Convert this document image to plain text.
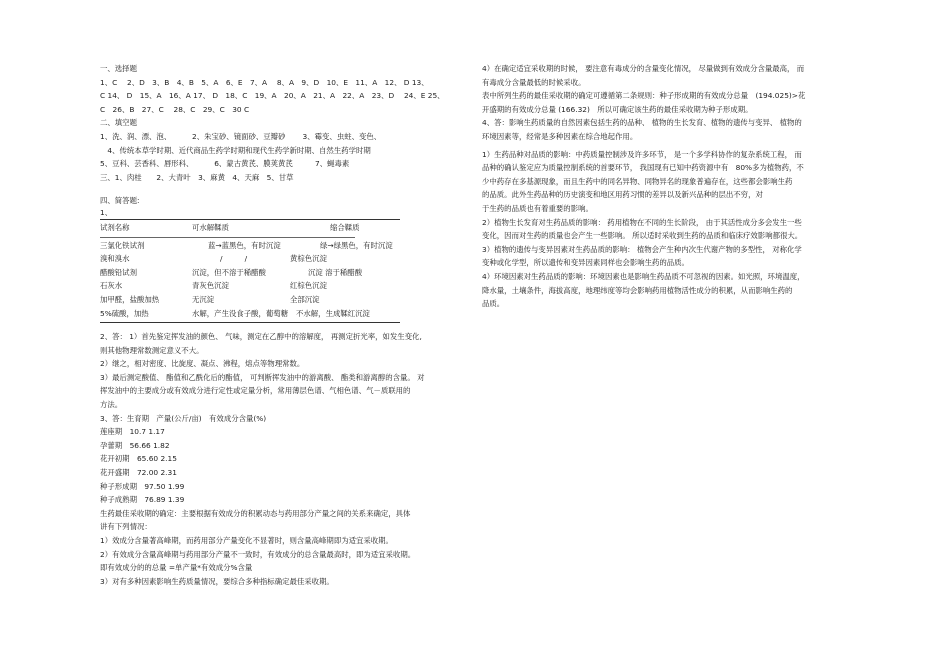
一、选择题
1、C　 2、D　3、B　4、B　5、A　6、E　7、A　 8、A　9、D　10、E　11、A　12、 D 13、
C 14、 D　15、A　16、A 17、 D　18、C　19、A　20、A　21、A　22、A　23、D　 24、E 25、
C　26、B　27、C　 28、C　29、C　30 C
二、填空题
1、洗、润、漂、泡、　　　 2、朱宝砂、镜面砂、豆瓣砂　　 3、霉变、虫蛀、变色、
　4、传统本草学时期、近代商品生药学时期和现代生药学新时期、自然生药学时期
5、豆科、芸香科、唇形科、　　　 6、蒙古黄芪、膜荚黄芪　　　7、蝇毒素
三、1、肉桂　　2、大青叶　3、麻黄　4、天麻　5、甘草
四、简答题:
1、
试剂名称	可水解鞣质	缩合鞣质
三氯化铁试剂	蓝→蓝黑色，有时沉淀	绿→绿黑色，有时沉淀
溴和溴水	/　　　/	黄棕色沉淀
醋酸铅试剂	沉淀，但不溶于稀醋酸	沉淀 溶于稀醋酸
石灰水	青灰色沉淀	红棕色沉淀
加甲醛，盐酸加热	无沉淀	全部沉淀
5%硫酸，加热	水解，产生没食子酸，葡萄糖	不水解，生成鞣红沉淀
2、答： 1）首先鉴定挥发油的颜色、 气味，测定在乙醇中的溶解度， 再测定折光率，如发生变化,
则其他物理常数测定意义不大。
2）继之，相对密度、比旋度、凝点、沸程，熔点等物理常数。
3）最后测定酸值、 酯值和乙酰化后的酯值， 可判断挥发油中的游离酸、 酯类和游离醇的含量。 对
挥发油中的主要成分或有效成分进行定性或定量分析，常用薄层色谱、气相色谱、气－质联用的
方法。
3、答：生育期　产量(公斤/亩)　有效成分含量(%)
莲座期　10.7 1.17
孕蕾期　56.66 1.82
花开初期　65.60 2.15
花开盛期　72.00 2.31
种子形成期　97.50 1.99
种子成熟期　76.89 1.39
生药最佳采收期的确定：主要根据有效成分的积累动态与药用部分产量之间的关系来确定，具体
讲有下列情况：
1）效成分含量著高峰期，而药用部分产量变化不显著时，则含量高峰期即为适宜采收期。
2）有效成分含量高峰期与药用部分产量不一致时，有效成分的总含量最高时，即为适宜采收期。
即有效成分的的总量 =单产量*有效成分%含量
3）对有多种因素影响生药质量情况，要综合多种指标确定最佳采收期。
4）在确定适宜采收期的时候， 要注意有毒成分的含量变化情况， 尽量做到有效成分含量最高， 而
有毒成分含量最低的时候采收。
表中所列生药的最佳采收期的确定可遵循第二条规则：种子形成期的有效成分总量　(194.025)>花
开盛期的有效成分总量 (166.32)　所以可确定该生药的最佳采收期为种子形成期。
4、答：影响生药质量的自然因素包括生药的品种、 植物的生长发育、植物的遗传与变异、 植物的
环境因素等，经常是多种因素在综合地起作用。
1）生药品种对品质的影响：中药质量控制涉及许多环节， 是一个多学科协作的复杂系统工程， 而
品种的确认鉴定应为质量控制系统的首要环节， 我国现有已知中药资源中有　80%多为植物药，不
少中药存在多基源现象，而且生药中的同名异物、同物异名的现象普遍存在，这些都会影响生药
的品质。此外生药品种的历史演变和地区用药习惯的差异以及新兴品种的层出不穷，对
于生药的品质也有着重要的影响。
2）植物生长发育对生药品质的影响： 药用植物在不同的生长阶段， 由于其活性成分多会发生一些
变化，因而对生药的质量也会产生一些影响。 所以适时采收到生药的品质和临床疗效影响都很大。
3）植物的遗传与变异因素对生药品质的影响： 植物会产生种内次生代谢产物的多型性， 对称化学
变种或化学型，所以遗传和变异因素同样也会影响生药的品质。
4）环境因素对生药品质的影响：环境因素也是影响生药品质不可忽视的因素。如光照，环境温度，
降水量，土壤条件，海拔高度，地理纬度等均会影响药用植物活性成分的积累，从而影响生药的
品质。
